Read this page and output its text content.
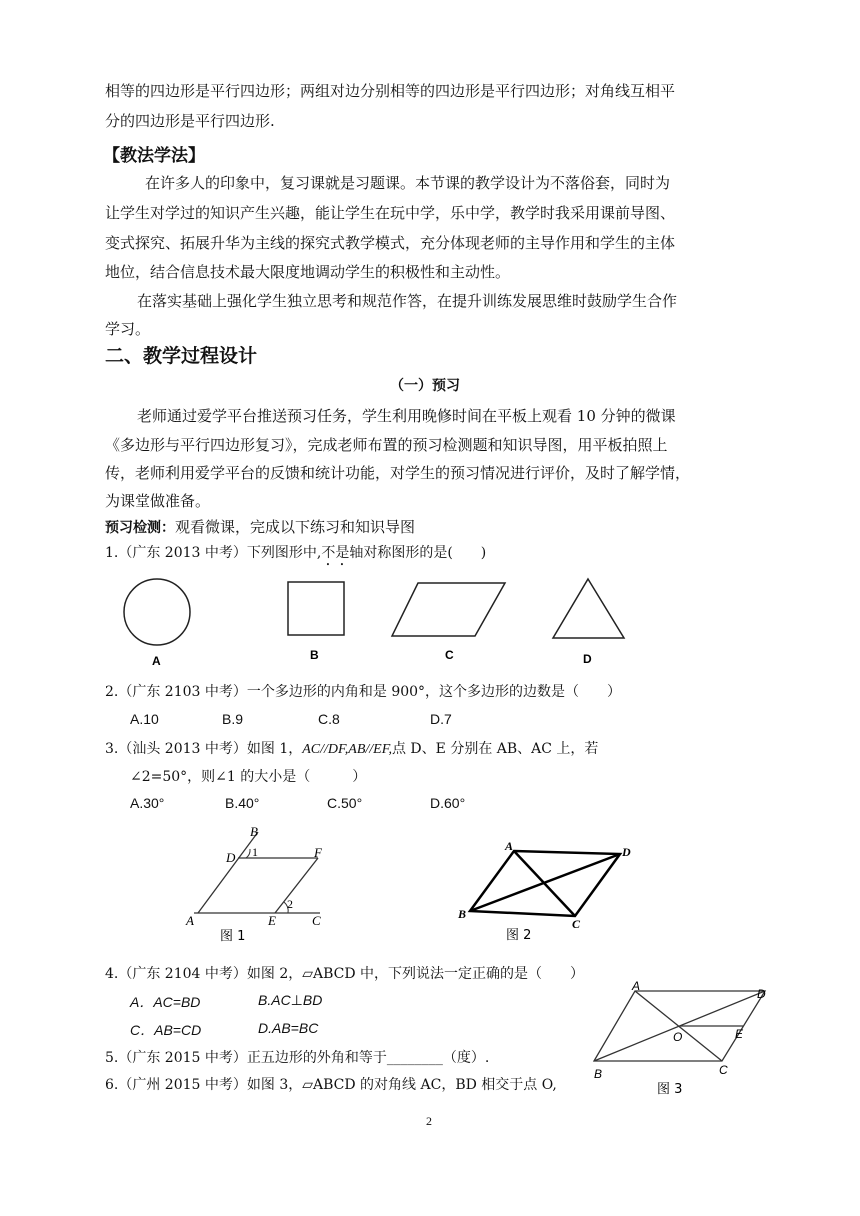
相等的四边形是平行四边形；两组对边分别相等的四边形是平行四边形；对角线互相平
分的四边形是平行四边形.
【教法学法】
在许多人的印象中，复习课就是习题课。本节课的教学设计为不落俗套，同时为
让学生对学过的知识产生兴趣，能让学生在玩中学，乐中学，教学时我采用课前导图、
变式探究、拓展升华为主线的探究式教学模式，充分体现老师的主导作用和学生的主体
地位，结合信息技术最大限度地调动学生的积极性和主动性。
在落实基础上强化学生独立思考和规范作答，在提升训练发展思维时鼓励学生合作
学习。
二、教学过程设计
（一）预习
老师通过爱学平台推送预习任务，学生利用晚修时间在平板上观看 10 分钟的微课
《多边形与平行四边形复习》，完成老师布置的预习检测题和知识导图，用平板拍照上
传，老师利用爱学平台的反馈和统计功能，对学生的预习情况进行评价，及时了解学情，
为课堂做准备。
预习检测：观看微课，完成以下练习和知识导图
1.（广东 2013 中考）下列图形中,不是轴对称图形的是(　　)
A	B	C	D
2.（广东 2103 中考）一个多边形的内角和是 900°，这个多边形的边数是（　　）
A.10	B.9	C.8	D.7
3.（汕头 2013 中考）如图 1，AC//DF,AB//EF,点 D、E 分别在 AB、AC 上，若
∠2=50°，则∠1 的大小是（　　　）
A.30°	B.40°	C.50°	D.60°
A
B
C
D
E
F
1
2
图 1
A
B
C
D
图 2
4.（广东 2104 中考）如图 2，▱ABCD 中，下列说法一定正确的是（　　）
A．AC=BD	B.AC⊥BD
C．AB=CD	D.AB=BC
A
B	C
D
E
O
图 3
5.（广东 2015 中考）正五边形的外角和等于________（度）.
6.（广州 2015 中考）如图 3，▱ABCD 的对角线 AC，BD 相交于点 O,
2
